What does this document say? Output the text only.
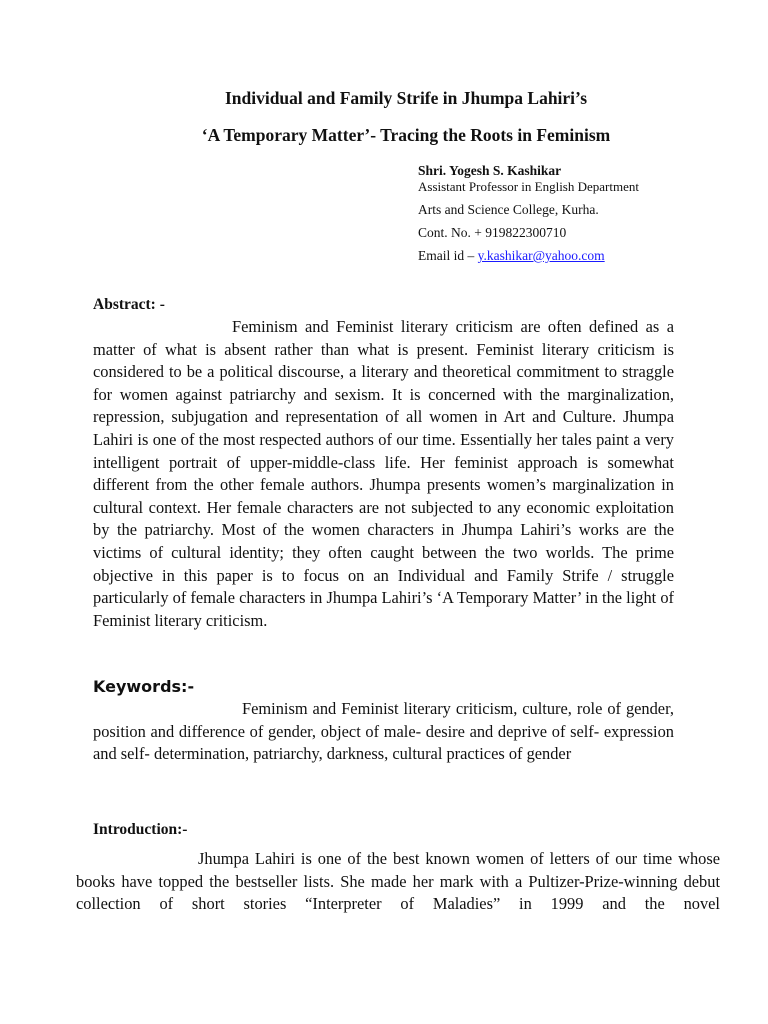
Individual and Family Strife in Jhumpa Lahiri’s
‘A Temporary Matter’- Tracing the Roots in Feminism
Shri. Yogesh S. Kashikar
Assistant Professor in English Department
Arts and Science College, Kurha.
Cont. No. + 919822300710
Email id – y.kashikar@yahoo.com
Abstract: -
Feminism and Feminist literary criticism are often defined as a matter of what is absent rather than what is present. Feminist literary criticism is considered to be a political discourse, a literary and theoretical commitment to straggle for women against patriarchy and sexism. It is concerned with the marginalization, repression, subjugation and representation of all women in Art and Culture. Jhumpa Lahiri is one of the most respected authors of our time. Essentially her tales paint a very intelligent portrait of upper-middle-class life. Her feminist approach is somewhat different from the other female authors. Jhumpa presents women’s marginalization in cultural context. Her female characters are not subjected to any economic exploitation by the patriarchy. Most of the women characters in Jhumpa Lahiri’s works are the victims of cultural identity; they often caught between the two worlds. The prime objective in this paper is to focus on an Individual and Family Strife / struggle particularly of female characters in Jhumpa Lahiri’s ‘A Temporary Matter’ in the light of Feminist literary criticism.
Keywords:-
Feminism and Feminist literary criticism, culture, role of gender, position and difference of gender, object of male- desire and deprive of self- expression and self- determination, patriarchy, darkness, cultural practices of gender
Introduction:-
Jhumpa Lahiri is one of the best known women of letters of our time whose books have topped the bestseller lists. She made her mark with a Pultizer-Prize-winning debut collection of short stories “Interpreter of Maladies” in 1999 and the novel
